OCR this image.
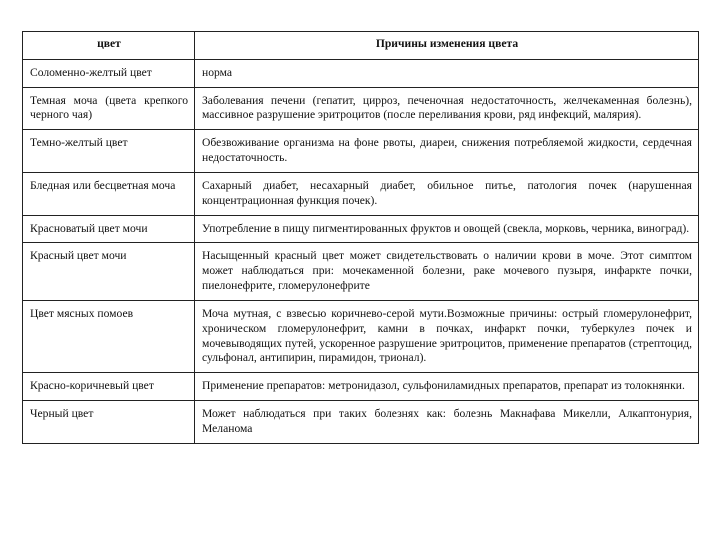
цвет	Причины изменения цвета
Соломенно-желтый цвет	норма
Темная моча (цвета крепкого черного чая)	Заболевания печени (гепатит, цирроз, печеночная недостаточность, желчекаменная болезнь), массивное разрушение эритроцитов (после переливания крови, ряд инфекций, малярия).
Темно-желтый цвет	Обезвоживание организма на фоне рвоты, диареи, снижения потребляемой жидкости, сердечная недостаточность.
Бледная или бесцветная моча	Сахарный диабет, несахарный диабет, обильное питье, патология почек (нарушенная концентрационная функция почек).
Красноватый цвет мочи	Употребление в пищу пигментированных фруктов и овощей (свекла, морковь, черника, виноград).
Красный цвет мочи	Насыщенный красный цвет может свидетельствовать о наличии крови в моче. Этот симптом может наблюдаться при: мочекаменной болезни, раке мочевого пузыря, инфаркте почки, пиелонефрите, гломерулонефрите
Цвет мясных помоев	Моча мутная, с взвесью коричнево-серой мути.Возможные причины: острый гломерулонефрит, хроническом гломерулонефрит, камни в почках, инфаркт почки, туберкулез почек и мочевыводящих путей, ускоренное разрушение эритроцитов, применение препаратов (стрептоцид, сульфонал, антипирин, пирамидон, трионал).
Красно-коричневый цвет	Применение препаратов: метронидазол, сульфониламидных препаратов, препарат из толокнянки.
Черный цвет	Может наблюдаться при таких болезнях как: болезнь Макнафава Микелли, Алкаптонурия, Меланома
